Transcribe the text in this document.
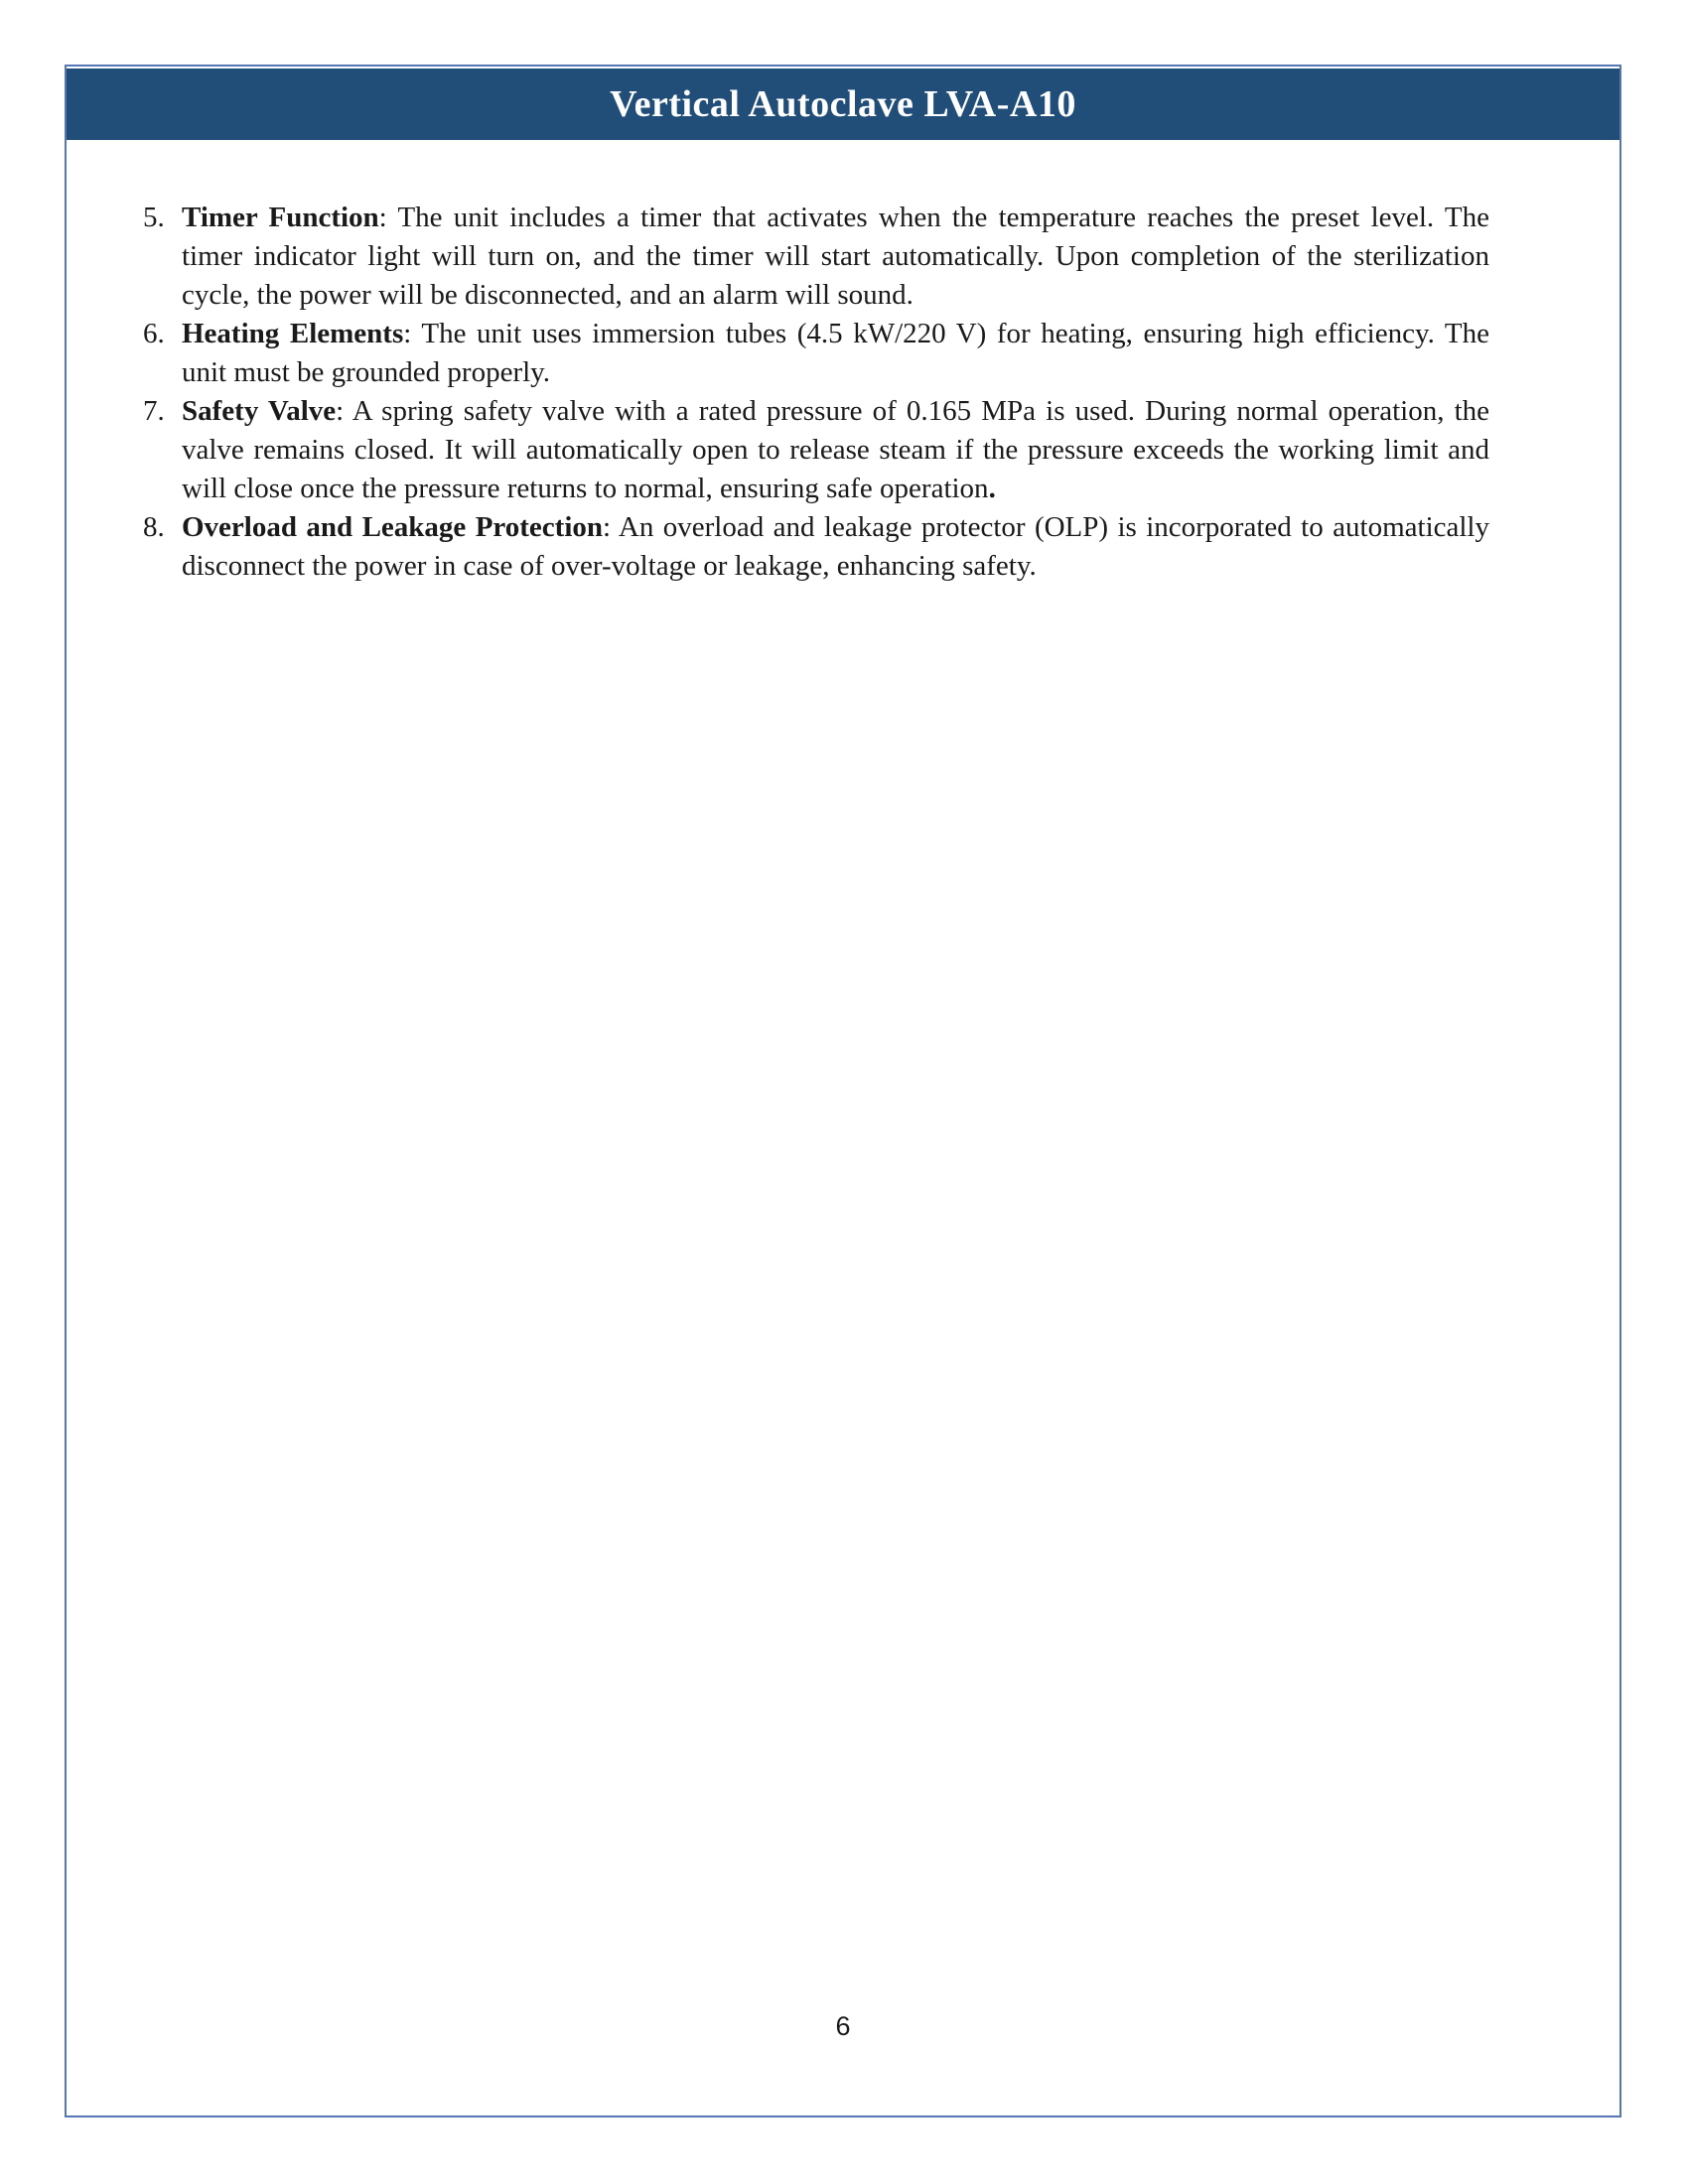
Vertical Autoclave LVA-A10
5. Timer Function: The unit includes a timer that activates when the temperature reaches the preset level. The timer indicator light will turn on, and the timer will start automatically. Upon completion of the sterilization cycle, the power will be disconnected, and an alarm will sound.
6. Heating Elements: The unit uses immersion tubes (4.5 kW/220 V) for heating, ensuring high efficiency. The unit must be grounded properly.
7. Safety Valve: A spring safety valve with a rated pressure of 0.165 MPa is used. During normal operation, the valve remains closed. It will automatically open to release steam if the pressure exceeds the working limit and will close once the pressure returns to normal, ensuring safe operation.
8. Overload and Leakage Protection: An overload and leakage protector (OLP) is incorporated to automatically disconnect the power in case of over-voltage or leakage, enhancing safety.
6
